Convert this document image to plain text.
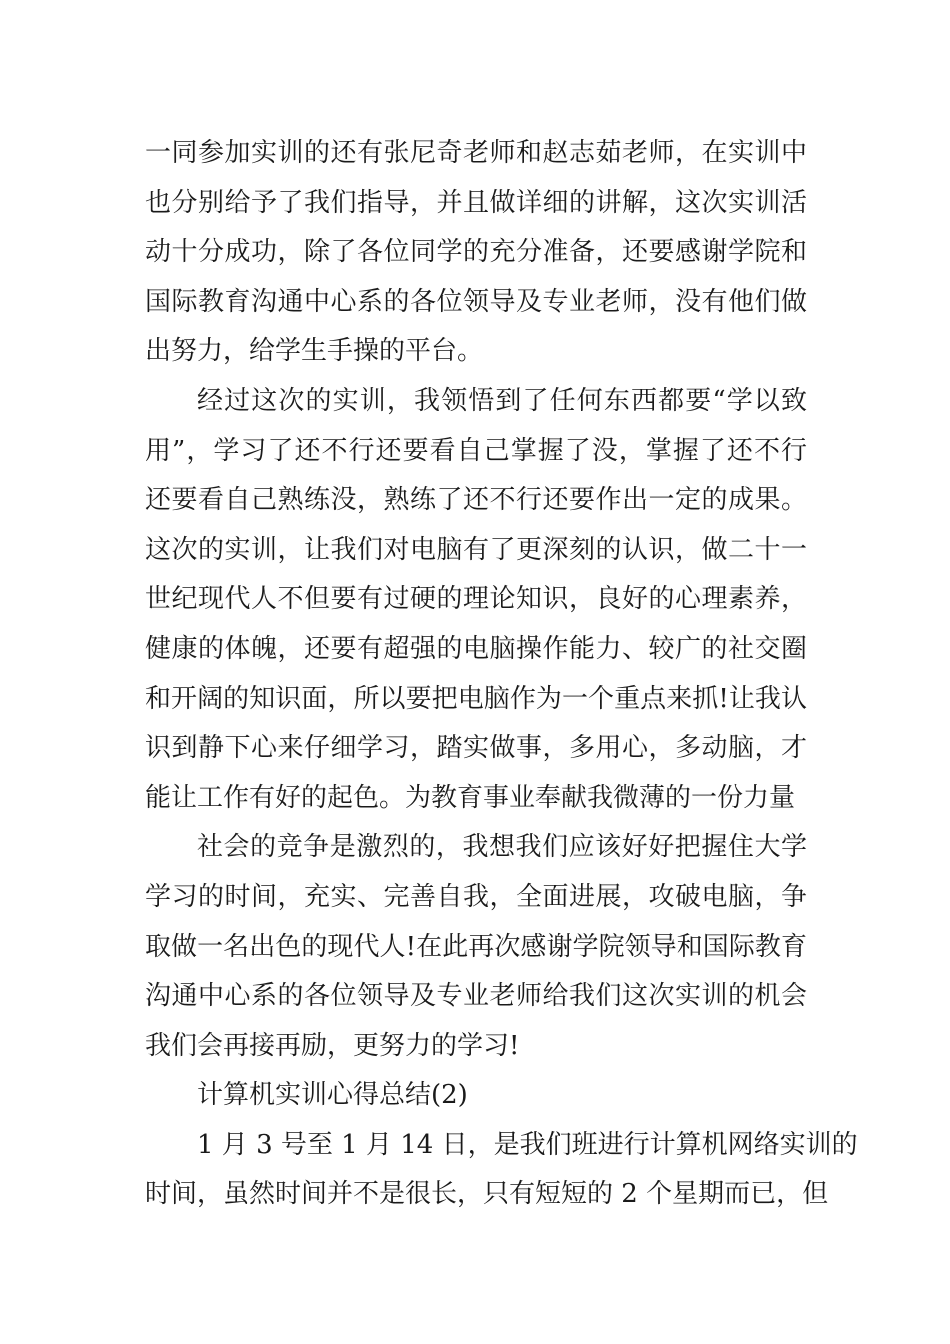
一同参加实训的还有张尼奇老师和赵志茹老师，在实训中
也分别给予了我们指导，并且做详细的讲解，这次实训活
动十分成功，除了各位同学的充分准备，还要感谢学院和
国际教育沟通中心系的各位领导及专业老师，没有他们做
出努力，给学生手操的平台。
经过这次的实训，我领悟到了任何东西都要“学以致
用”，学习了还不行还要看自己掌握了没，掌握了还不行
还要看自己熟练没，熟练了还不行还要作出一定的成果。
这次的实训，让我们对电脑有了更深刻的认识，做二十一
世纪现代人不但要有过硬的理论知识，良好的心理素养，
健康的体魄，还要有超强的电脑操作能力、较广的社交圈
和开阔的知识面，所以要把电脑作为一个重点来抓!让我认
识到静下心来仔细学习，踏实做事，多用心，多动脑，才
能让工作有好的起色。为教育事业奉献我微薄的一份力量
社会的竞争是激烈的，我想我们应该好好把握住大学
学习的时间，充实、完善自我，全面进展，攻破电脑，争
取做一名出色的现代人!在此再次感谢学院领导和国际教育
沟通中心系的各位领导及专业老师给我们这次实训的机会
我们会再接再励，更努力的学习!
计算机实训心得总结(2)
1 月 3 号至 1 月 14 日，是我们班进行计算机网络实训的
时间，虽然时间并不是很长，只有短短的 2 个星期而已，但
